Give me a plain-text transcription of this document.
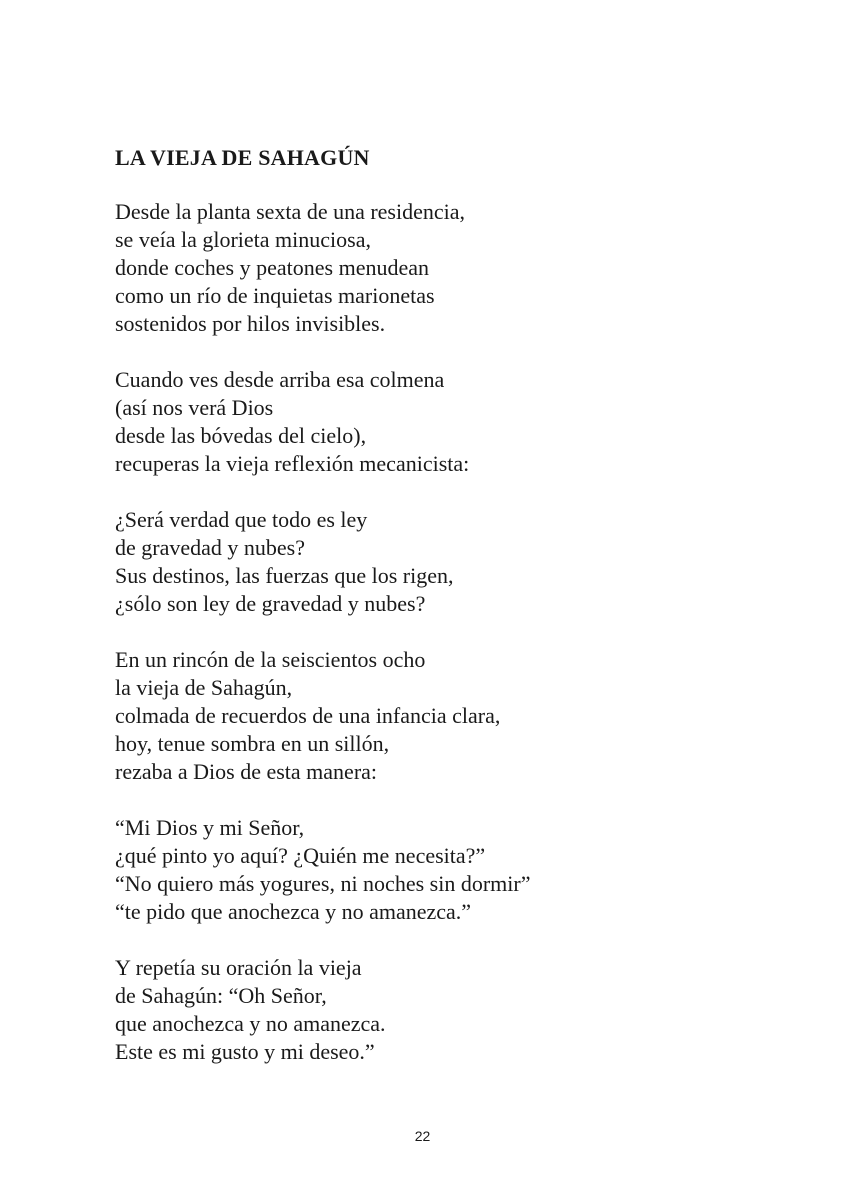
LA VIEJA DE SAHAGÚN

Desde la planta sexta de una residencia,
se veía la glorieta minuciosa,
donde coches y peatones menudean
como un río de inquietas marionetas
sostenidos por hilos invisibles.

Cuando ves desde arriba esa colmena
(así nos verá Dios
desde las bóvedas del cielo),
recuperas la vieja reflexión mecanicista:

¿Será verdad que todo es ley
de gravedad y nubes?
Sus destinos, las fuerzas que los rigen,
¿sólo son ley de gravedad y nubes?

En un rincón de la seiscientos ocho
la vieja de Sahagún,
colmada de recuerdos de una infancia clara,
hoy, tenue sombra en un sillón,
rezaba a Dios de esta manera:

“Mi Dios y mi Señor,
¿qué pinto yo aquí? ¿Quién me necesita?”
“No quiero más yogures, ni noches sin dormir”
“te pido que anochezca y no amanezca.”

Y repetía su oración la vieja
de Sahagún: “Oh Señor,
que anochezca y no amanezca.
Este es mi gusto y mi deseo.”

22
